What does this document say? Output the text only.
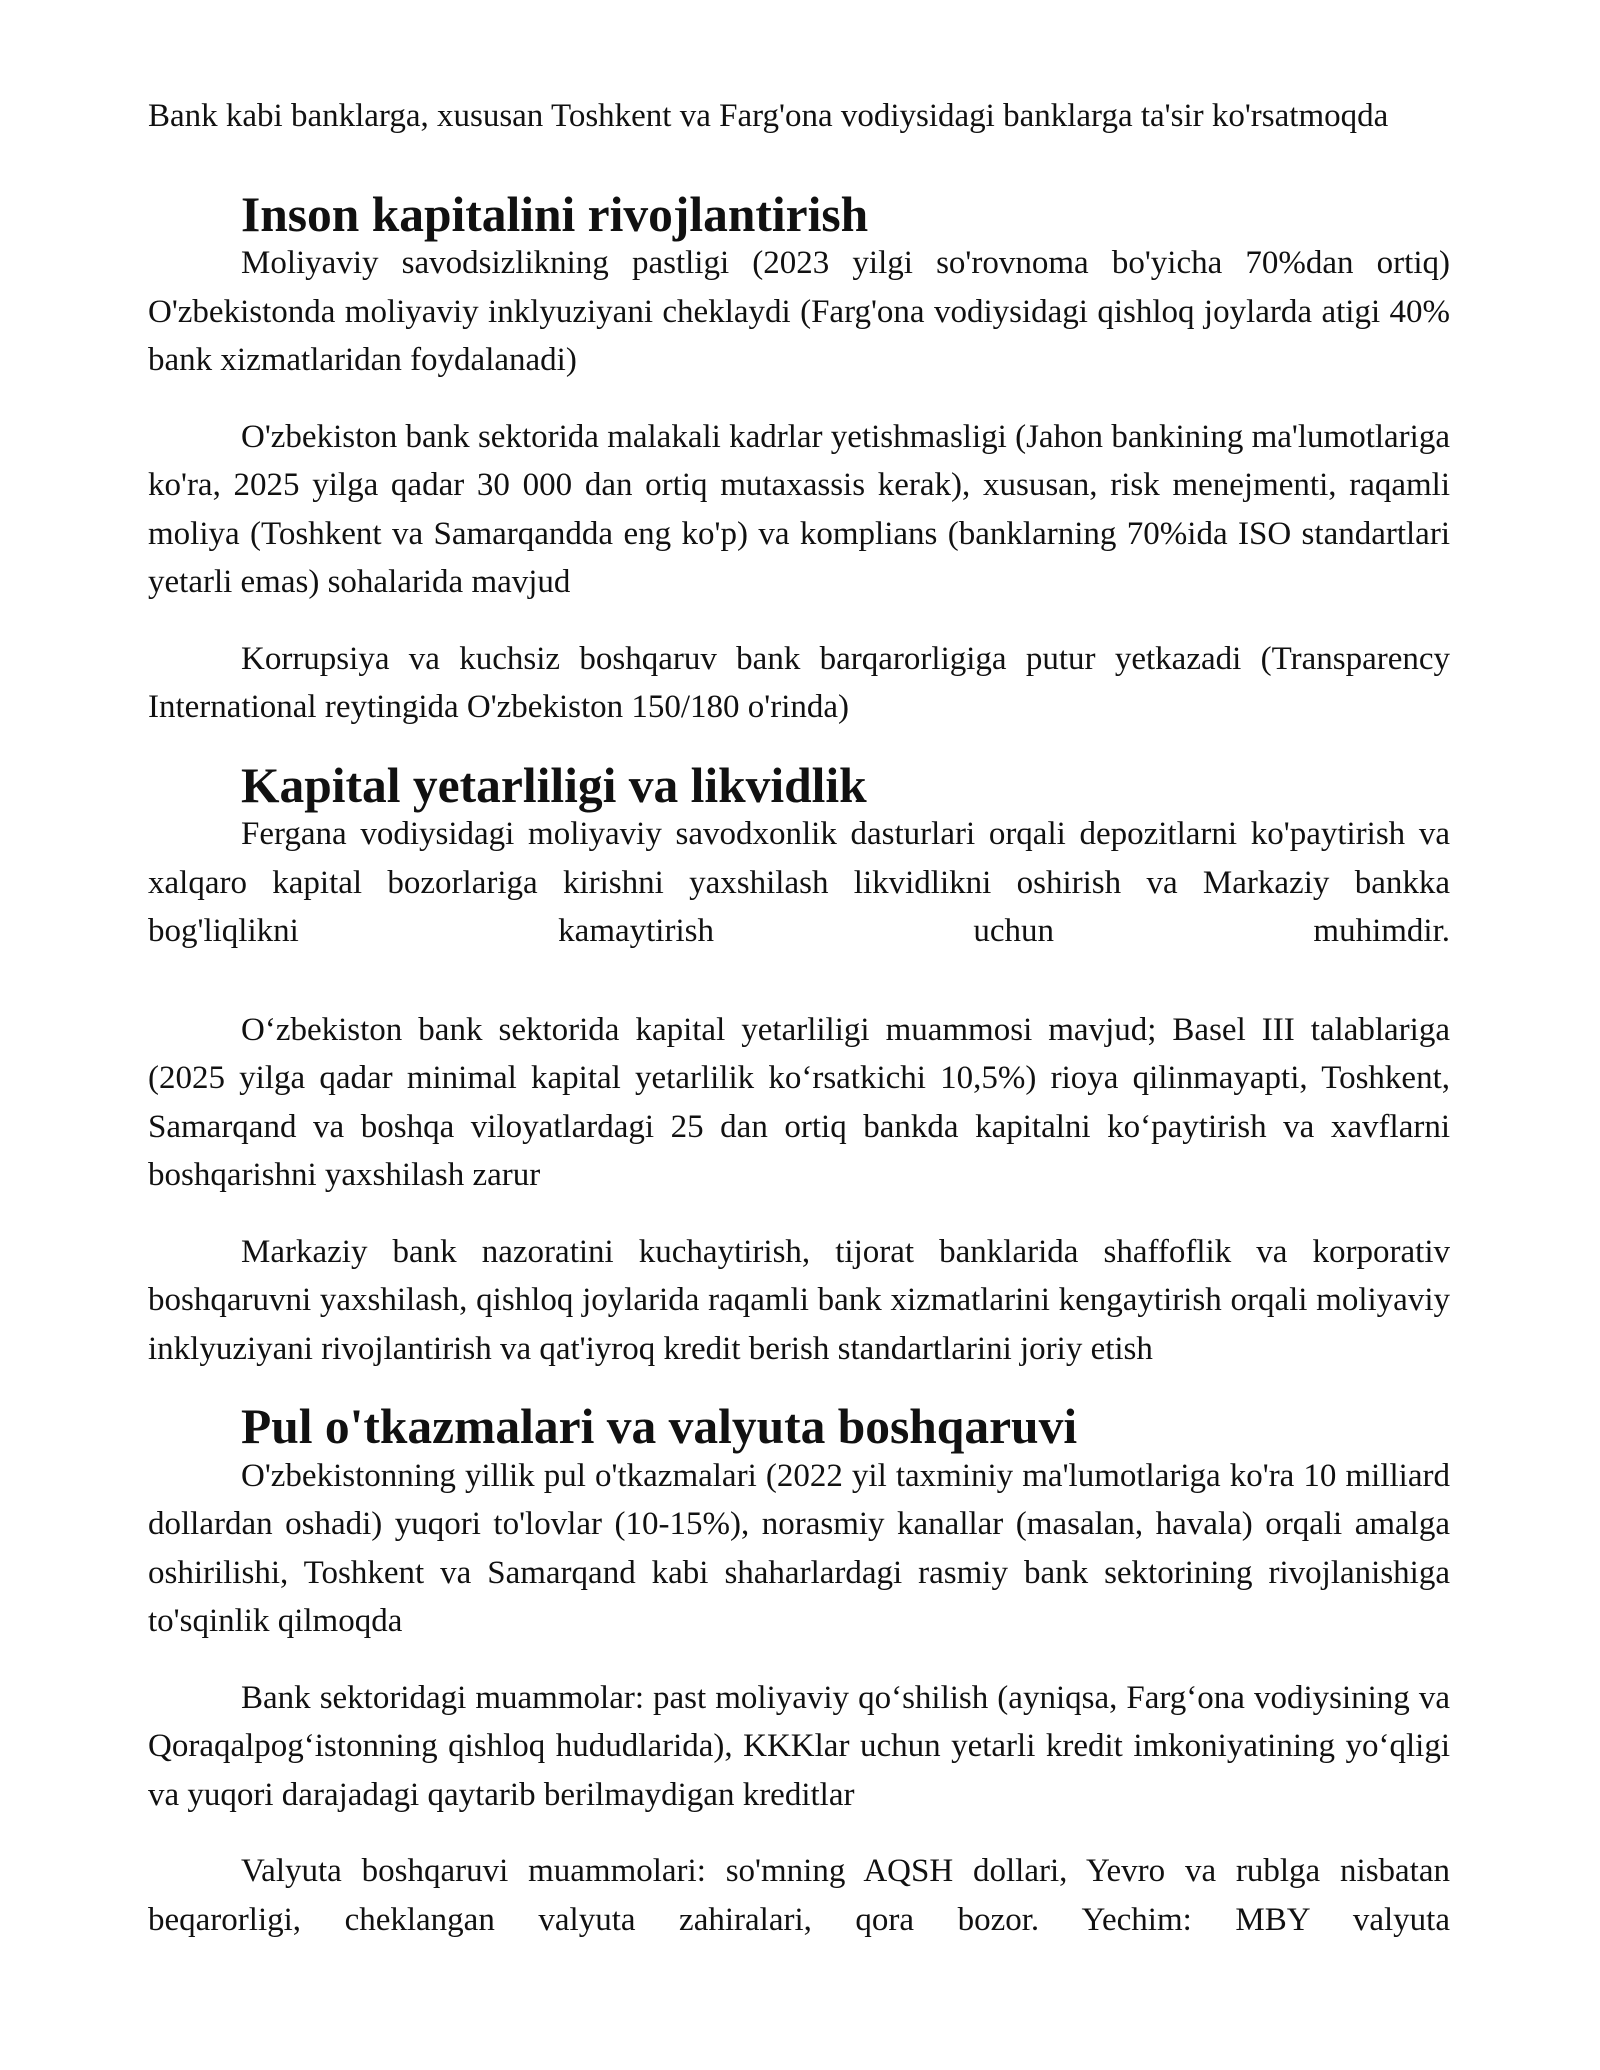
Bank kabi banklarga, xususan Toshkent va Farg'ona vodiysidagi banklarga ta'sir ko'rsatmoqda

Inson kapitalini rivojlantirish

Moliyaviy savodsizlikning pastligi (2023 yilgi so'rovnoma bo'yicha 70%dan ortiq) O'zbekistonda moliyaviy inklyuziyani cheklaydi (Farg'ona vodiysidagi qishloq joylarda atigi 40% bank xizmatlaridan foydalanadi)

O'zbekiston bank sektorida malakali kadrlar yetishmasligi (Jahon bankining ma'lumotlariga ko'ra, 2025 yilga qadar 30 000 dan ortiq mutaxassis kerak), xususan, risk menejmenti, raqamli moliya (Toshkent va Samarqandda eng ko'p) va komplians (banklarning 70%ida ISO standartlari yetarli emas) sohalarida mavjud

Korrupsiya va kuchsiz boshqaruv bank barqarorligiga putur yetkazadi (Transparency International reytingida O'zbekiston 150/180 o'rinda)

Kapital yetarliligi va likvidlik

Fergana vodiysidagi moliyaviy savodxonlik dasturlari orqali depozitlarni ko'paytirish va xalqaro kapital bozorlariga kirishni yaxshilash likvidlikni oshirish va Markaziy bankka bog'liqlikni kamaytirish uchun muhimdir.

O‘zbekiston bank sektorida kapital yetarliligi muammosi mavjud; Basel III talablariga (2025 yilga qadar minimal kapital yetarlilik ko‘rsatkichi 10,5%) rioya qilinmayapti, Toshkent, Samarqand va boshqa viloyatlardagi 25 dan ortiq bankda kapitalni ko‘paytirish va xavflarni boshqarishni yaxshilash zarur

Markaziy bank nazoratini kuchaytirish, tijorat banklarida shaffoflik va korporativ boshqaruvni yaxshilash, qishloq joylarida raqamli bank xizmatlarini kengaytirish orqali moliyaviy inklyuziyani rivojlantirish va qat'iyroq kredit berish standartlarini joriy etish

Pul o'tkazmalari va valyuta boshqaruvi

O'zbekistonning yillik pul o'tkazmalari (2022 yil taxminiy ma'lumotlariga ko'ra 10 milliard dollardan oshadi) yuqori to'lovlar (10-15%), norasmiy kanallar (masalan, havala) orqali amalga oshirilishi, Toshkent va Samarqand kabi shaharlardagi rasmiy bank sektorining rivojlanishiga to'sqinlik qilmoqda

Bank sektoridagi muammolar: past moliyaviy qo‘shilish (ayniqsa, Farg‘ona vodiysining va Qoraqalpog‘istonning qishloq hududlarida), KKKlar uchun yetarli kredit imkoniyatining yo‘qligi va yuqori darajadagi qaytarib berilmaydigan kreditlar

Valyuta boshqaruvi muammolari: so'mning AQSH dollari, Yevro va rublga nisbatan beqarorligi, cheklangan valyuta zahiralari, qora bozor. Yechim: MBY valyuta
